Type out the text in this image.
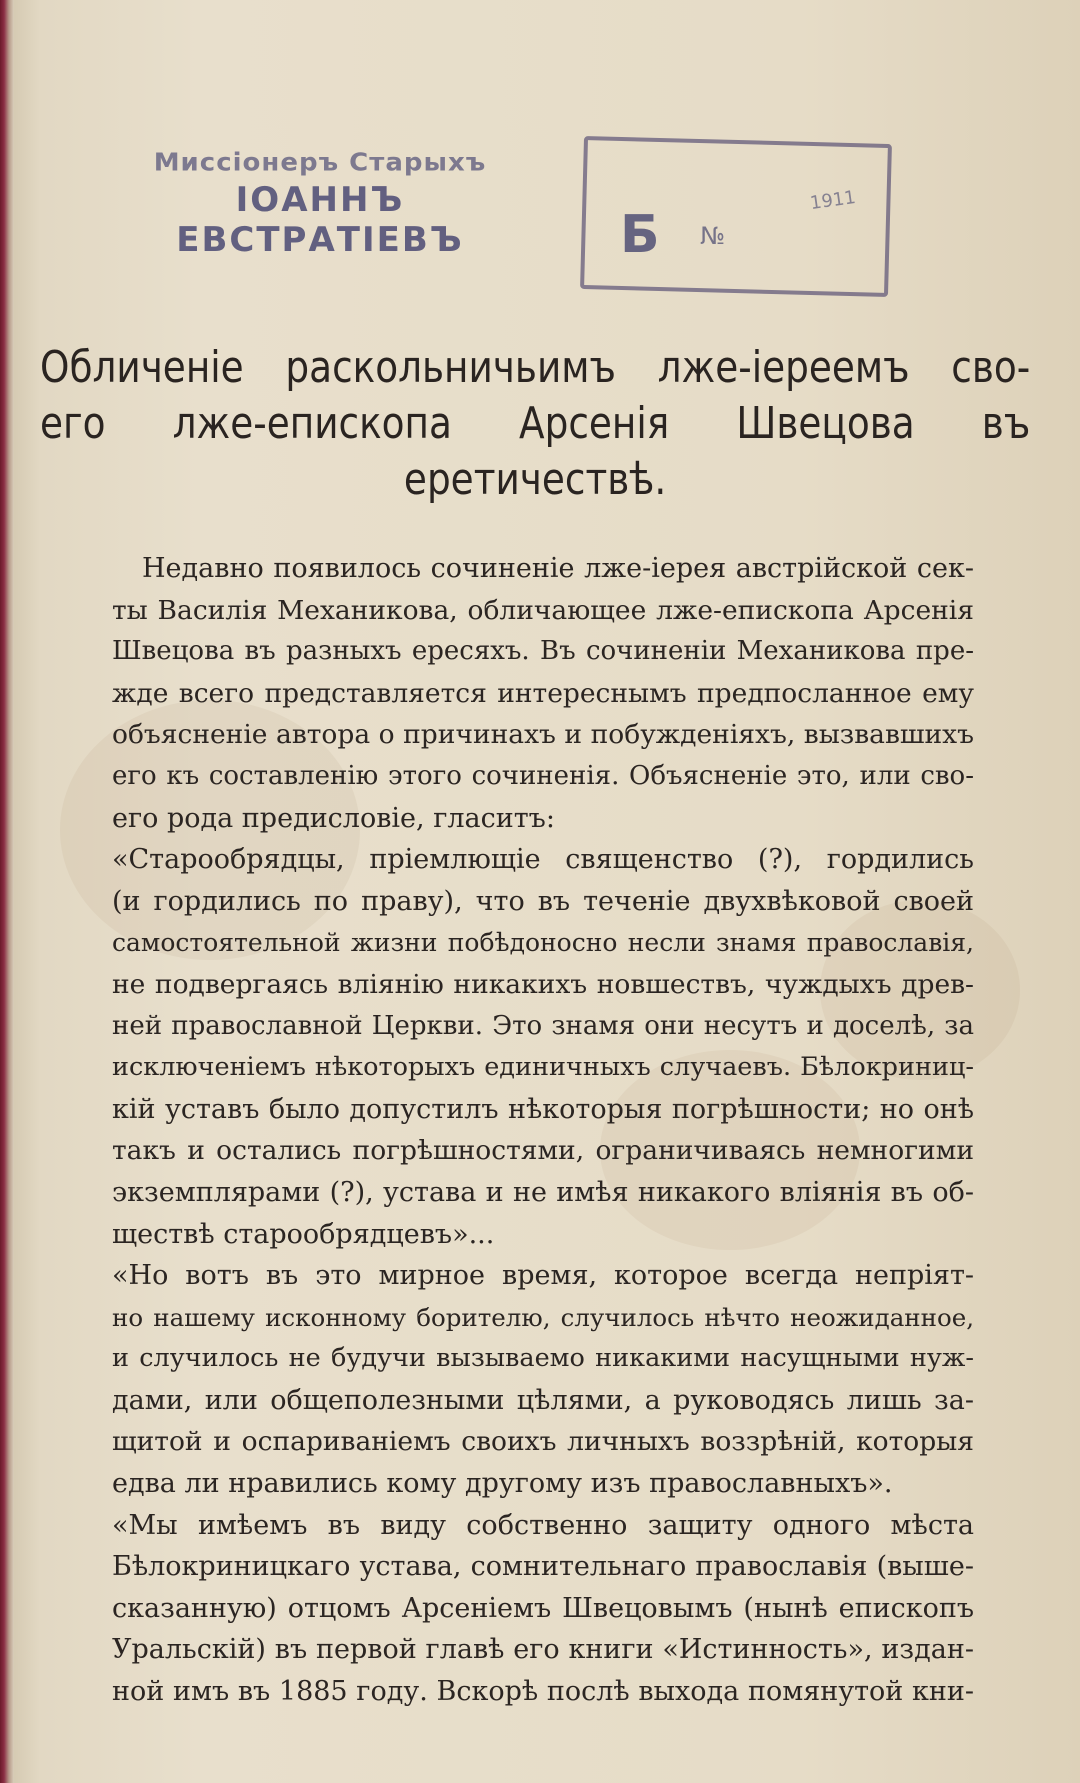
Миссіонеръ Старыхъ
ІОАННЪ ЕВСТРАТІЕВЪ	Б №
1911
Обличеніе раскольничьимъ лже-іереемъ сво-
его лже-епископа Арсенія Швецова въ
еретичествѣ.
Недавно появилось сочиненіе лже-іерея австрійской сек-
ты Василія Механикова, обличающее лже-епископа Арсенія
Швецова въ разныхъ ересяхъ. Въ сочиненіи Механикова пре-
жде всего представляется интереснымъ предпосланное ему
объясненіе автора о причинахъ и побужденіяхъ, вызвавшихъ
его къ составленію этого сочиненія. Объясненіе это, или сво-
его рода предисловіе, гласитъ:
«Старообрядцы, пріемлющіе священство (?), гордились
(и гордились по праву), что въ теченіе двухвѣковой своей
самостоятельной жизни побѣдоносно несли знамя православія,
не подвергаясь вліянію никакихъ новшествъ, чуждыхъ древ-
ней православной Церкви. Это знамя они несутъ и доселѣ, за
исключеніемъ нѣкоторыхъ единичныхъ случаевъ. Бѣлокриниц-
кій уставъ было допустилъ нѣкоторыя погрѣшности; но онѣ
такъ и остались погрѣшностями, ограничиваясь немногими
экземплярами (?), устава и не имѣя никакого вліянія въ об-
ществѣ старообрядцевъ»...
«Но вотъ въ это мирное время, которое всегда непріят-
но нашему исконному борителю, случилось нѣчто неожиданное,
и случилось не будучи вызываемо никакими насущными нуж-
дами, или общеполезными цѣлями, а руководясь лишь за-
щитой и оспариваніемъ своихъ личныхъ воззрѣній, которыя
едва ли нравились кому другому изъ православныхъ».
«Мы имѣемъ въ виду собственно защиту одного мѣста
Бѣлокриницкаго устава, сомнительнаго православія (выше-
сказанную) отцомъ Арсеніемъ Швецовымъ (нынѣ епископъ
Уральскій) въ первой главѣ его книги «Истинность», издан-
ной имъ въ 1885 году. Вскорѣ послѣ выхода помянутой кни-
